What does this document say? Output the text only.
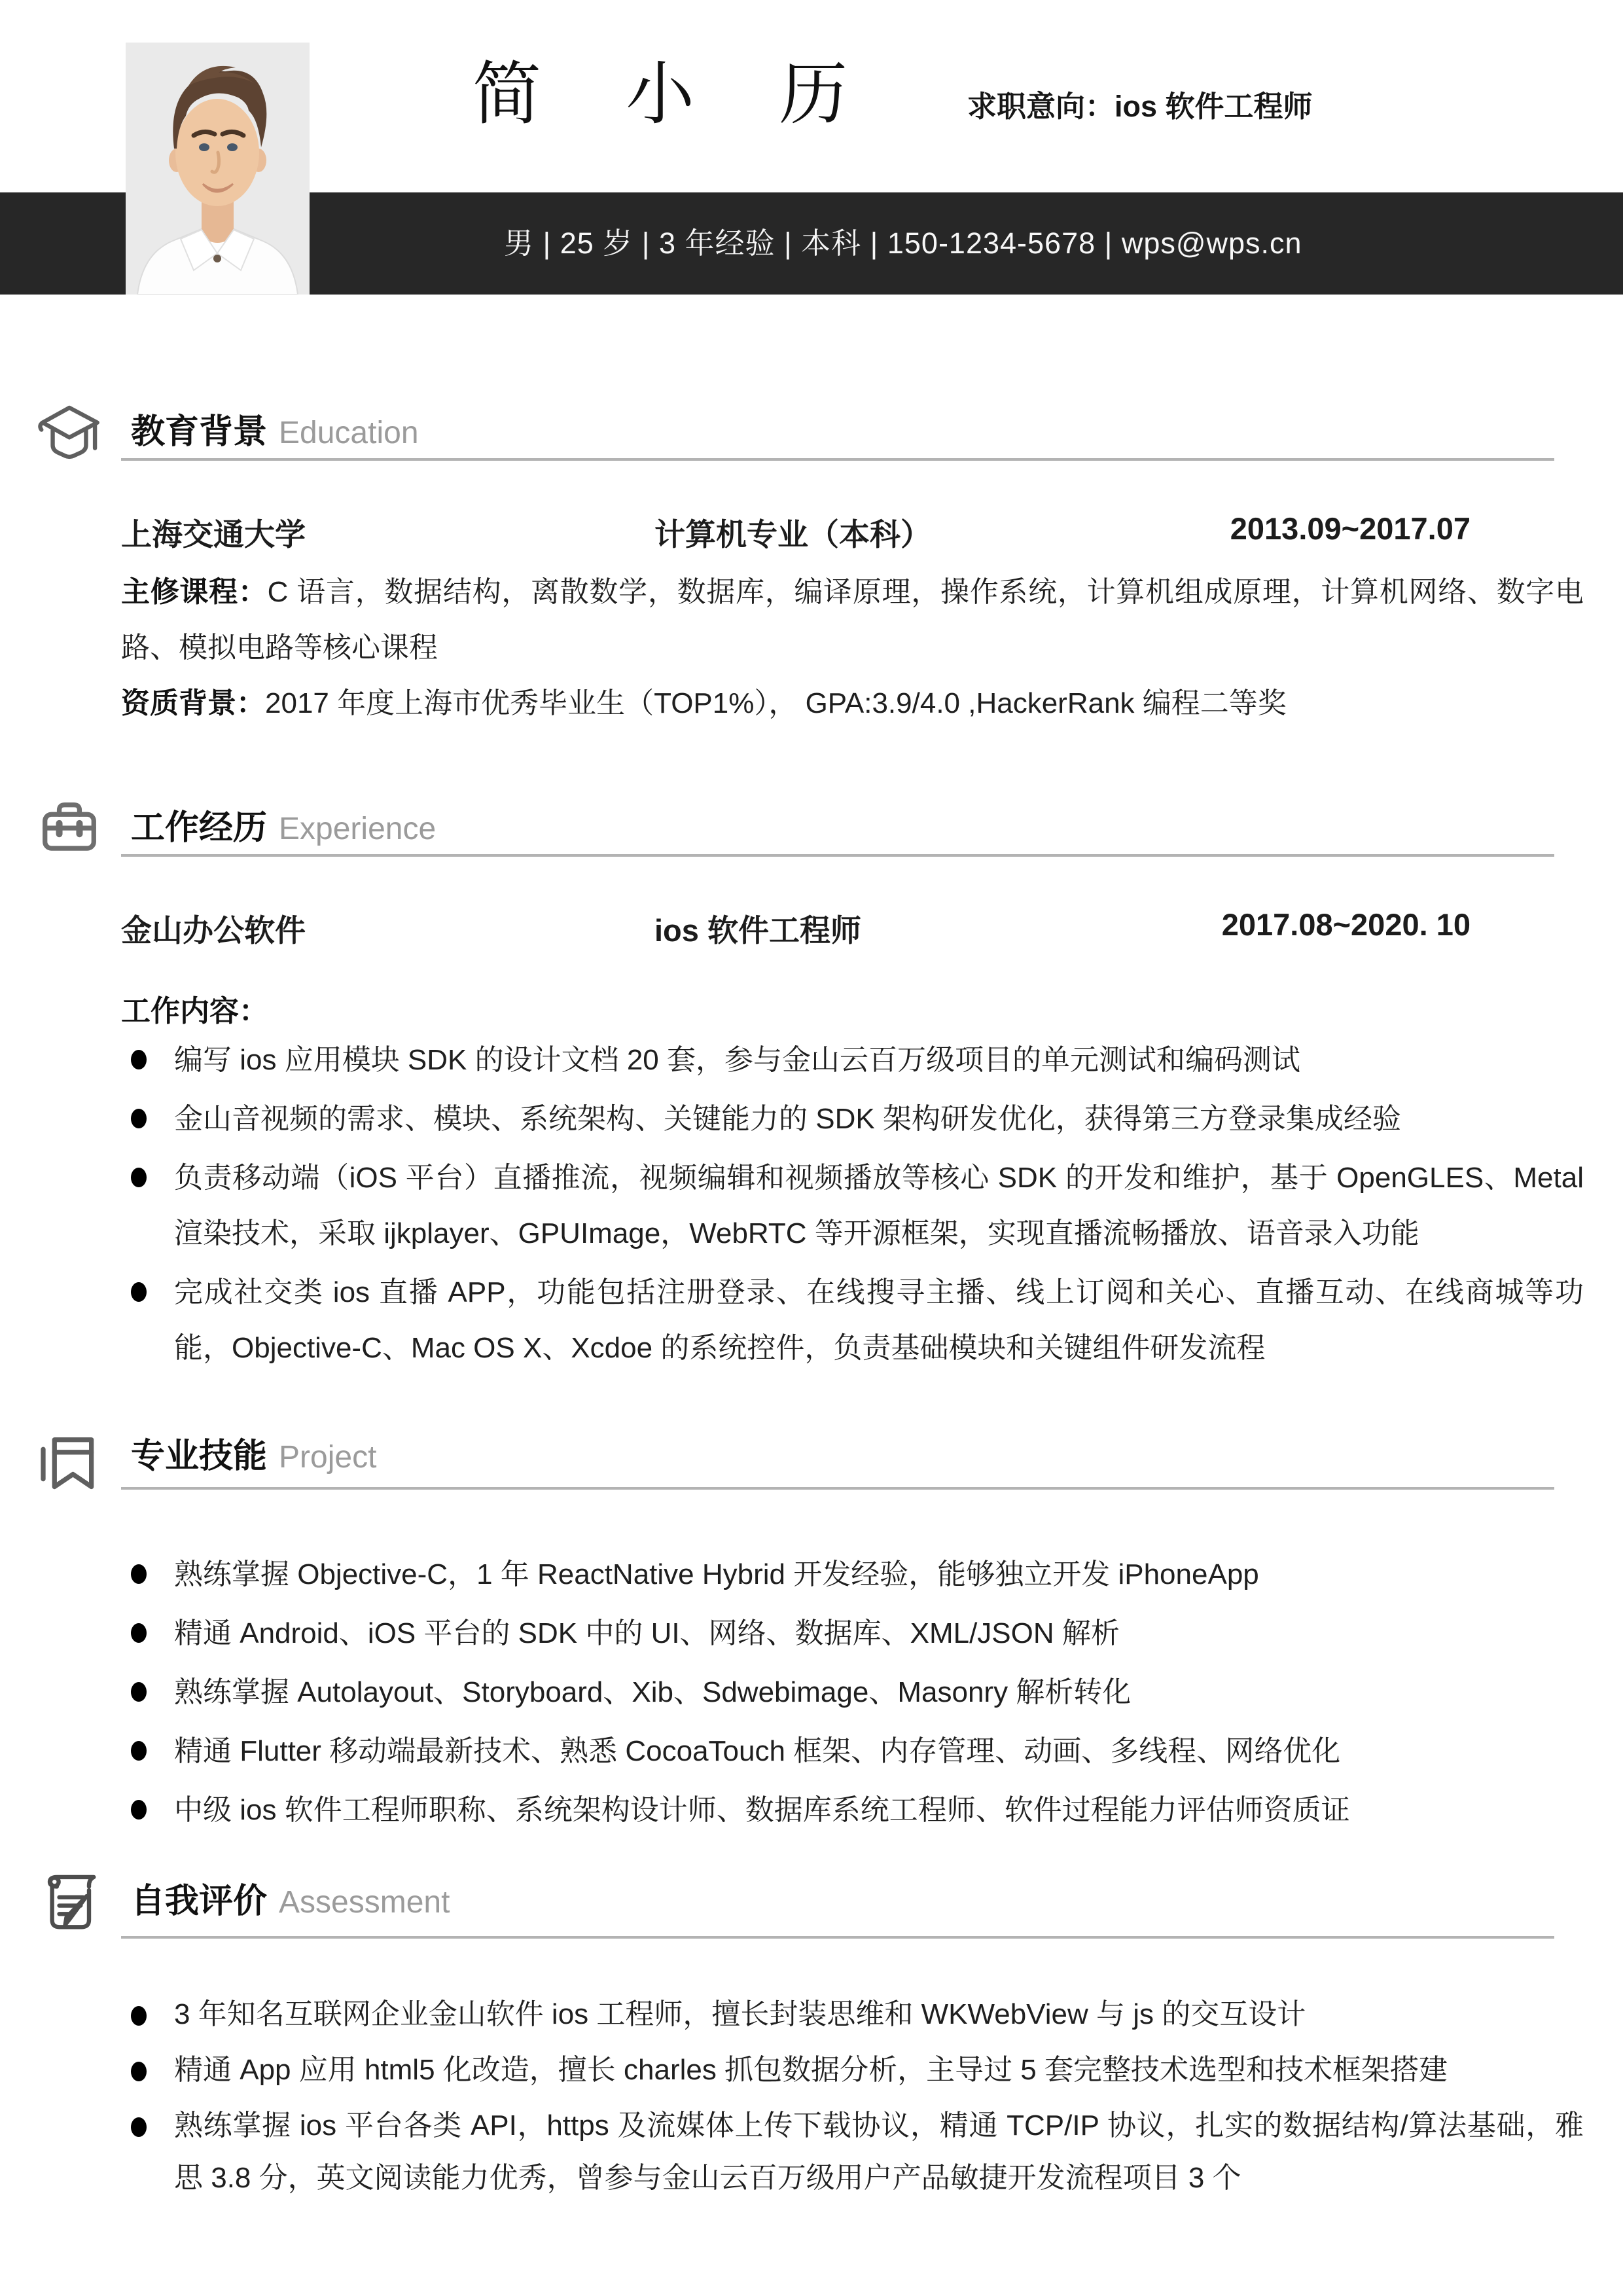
男 | 25 岁 | 3 年经验 | 本科 | 150-1234-5678 | wps@wps.cn
简 小 历	求职意向：ios 软件工程师
教育背景 Education
上海交通大学	计算机专业（本科）	2013.09~2017.07
主修课程：C 语言，数据结构，离散数学，数据库，编译原理，操作系统，计算机组成原理，计算机网络、数字电路、模拟电路等核心课程
资质背景：2017 年度上海市优秀毕业生（TOP1%）， GPA:3.9/4.0 ,HackerRank 编程二等奖
工作经历 Experience
金山办公软件	ios 软件工程师	2017.08~2020. 10
工作内容：
编写 ios 应用模块 SDK 的设计文档 20 套，参与金山云百万级项目的单元测试和编码测试
金山音视频的需求、模块、系统架构、关键能力的 SDK 架构研发优化，获得第三方登录集成经验
负责移动端（iOS 平台）直播推流，视频编辑和视频播放等核心 SDK 的开发和维护，基于 OpenGLES、Metal 渲染技术，采取 ijkplayer、GPUImage，WebRTC 等开源框架，实现直播流畅播放、语音录入功能
完成社交类 ios 直播 APP，功能包括注册登录、在线搜寻主播、线上订阅和关心、直播互动、在线商城等功能，Objective-C、Mac OS X、Xcdoe 的系统控件，负责基础模块和关键组件研发流程
专业技能 Project
熟练掌握 Objective-C，1 年 ReactNative Hybrid 开发经验，能够独立开发 iPhoneApp
精通 Android、iOS 平台的 SDK 中的 UI、网络、数据库、XML/JSON 解析
熟练掌握 Autolayout、Storyboard、Xib、Sdwebimage、Masonry 解析转化
精通 Flutter 移动端最新技术、熟悉 CocoaTouch 框架、内存管理、动画、多线程、网络优化
中级 ios 软件工程师职称、系统架构设计师、数据库系统工程师、软件过程能力评估师资质证
自我评价 Assessment
3 年知名互联网企业金山软件 ios 工程师，擅长封装思维和 WKWebView 与 js 的交互设计
精通 App 应用 html5 化改造，擅长 charles 抓包数据分析，主导过 5 套完整技术选型和技术框架搭建
熟练掌握 ios 平台各类 API，https 及流媒体上传下载协议，精通 TCP/IP 协议，扎实的数据结构/算法基础，雅思 3.8 分，英文阅读能力优秀，曾参与金山云百万级用户产品敏捷开发流程项目 3 个
